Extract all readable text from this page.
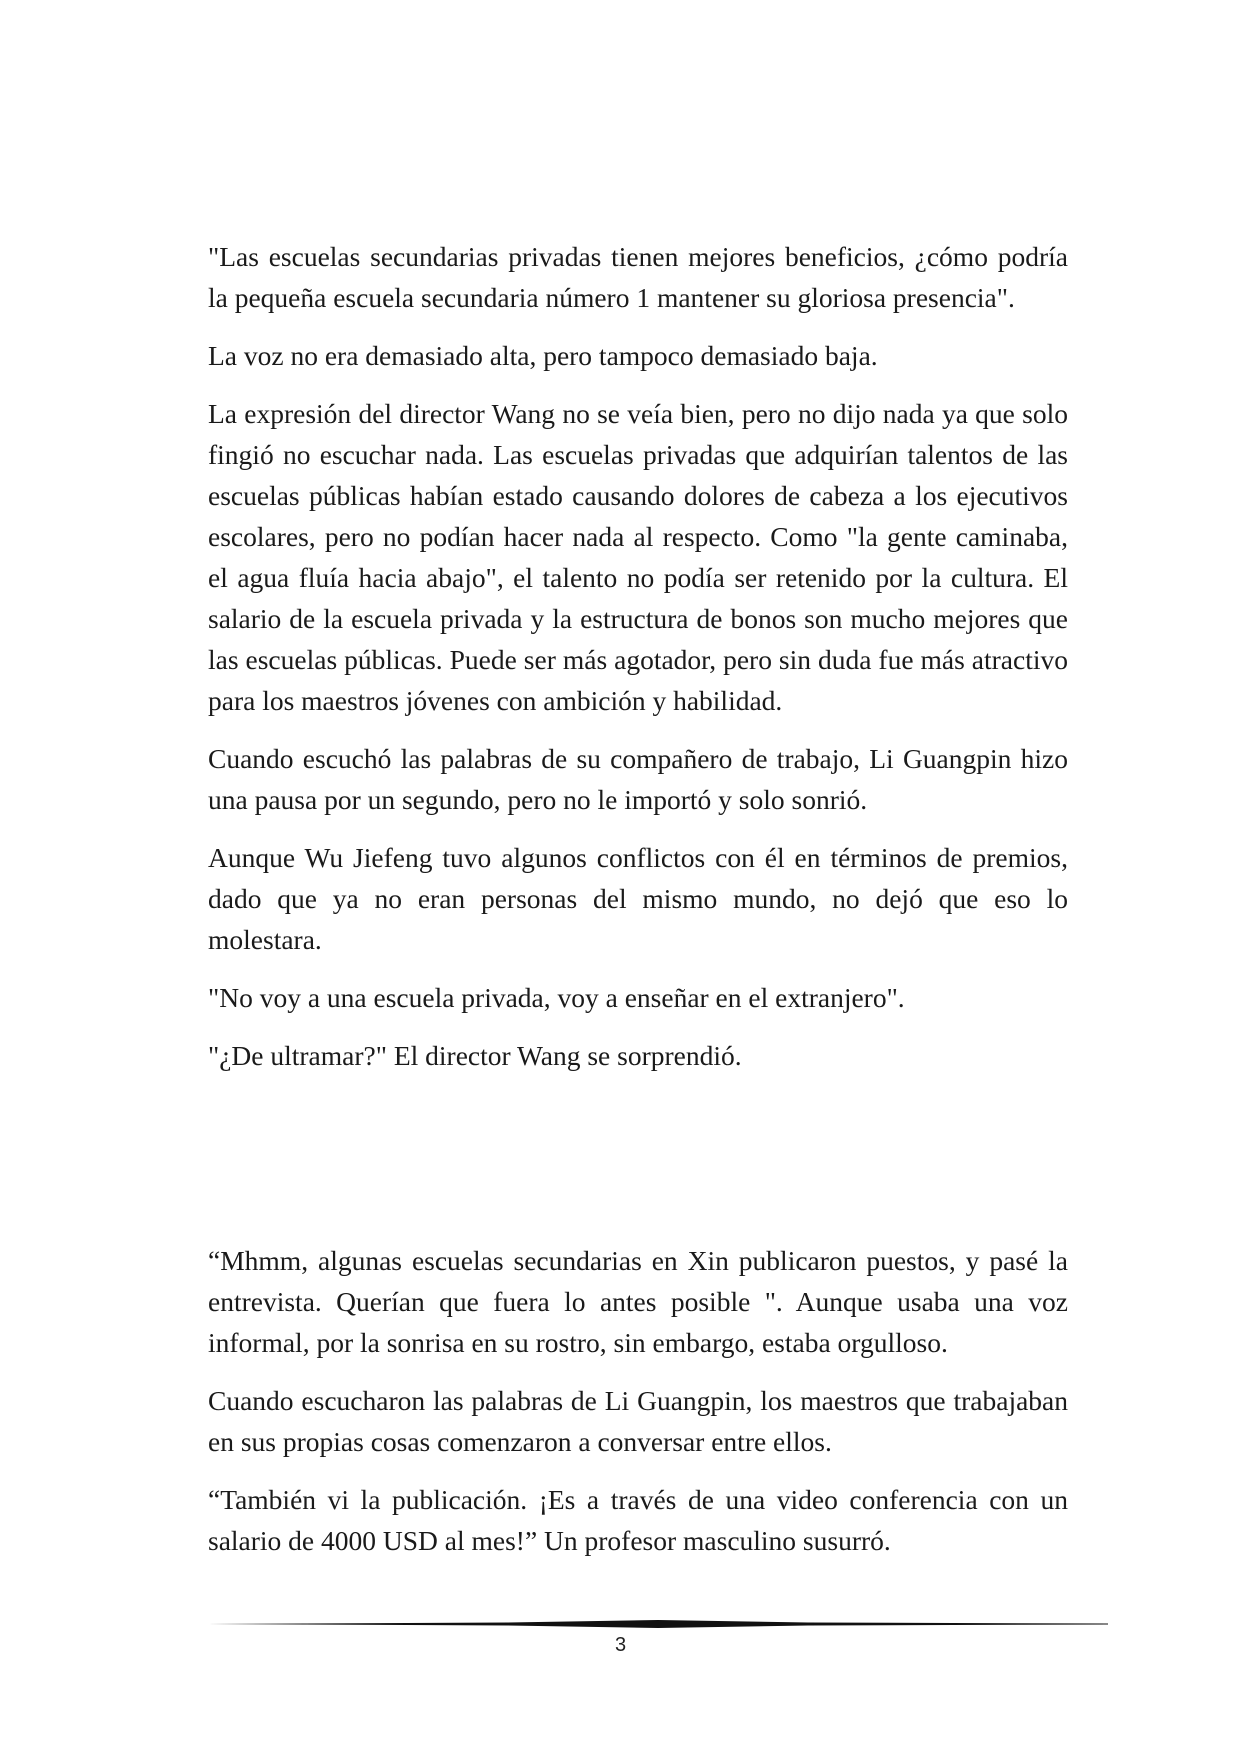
"Las escuelas secundarias privadas tienen mejores beneficios, ¿cómo podría la pequeña escuela secundaria número 1 mantener su gloriosa presencia".

La voz no era demasiado alta, pero tampoco demasiado baja.

La expresión del director Wang no se veía bien, pero no dijo nada ya que solo fingió no escuchar nada. Las escuelas privadas que adquirían talentos de las escuelas públicas habían estado causando dolores de cabeza a los ejecutivos escolares, pero no podían hacer nada al respecto. Como "la gente caminaba, el agua fluía hacia abajo", el talento no podía ser retenido por la cultura. El salario de la escuela privada y la estructura de bonos son mucho mejores que las escuelas públicas. Puede ser más agotador, pero sin duda fue más atractivo para los maestros jóvenes con ambición y habilidad.

Cuando escuchó las palabras de su compañero de trabajo, Li Guangpin hizo una pausa por un segundo, pero no le importó y solo sonrió.

Aunque Wu Jiefeng tuvo algunos conflictos con él en términos de premios, dado que ya no eran personas del mismo mundo, no dejó que eso lo molestara.

"No voy a una escuela privada, voy a enseñar en el extranjero".

"¿De ultramar?" El director Wang se sorprendió.

“Mhmm, algunas escuelas secundarias en Xin publicaron puestos, y pasé la entrevista. Querían que fuera lo antes posible ". Aunque usaba una voz informal, por la sonrisa en su rostro, sin embargo, estaba orgulloso.

Cuando escucharon las palabras de Li Guangpin, los maestros que trabajaban en sus propias cosas comenzaron a conversar entre ellos.

“También vi la publicación. ¡Es a través de una video conferencia con un salario de 4000 USD al mes!” Un profesor masculino susurró.

3
